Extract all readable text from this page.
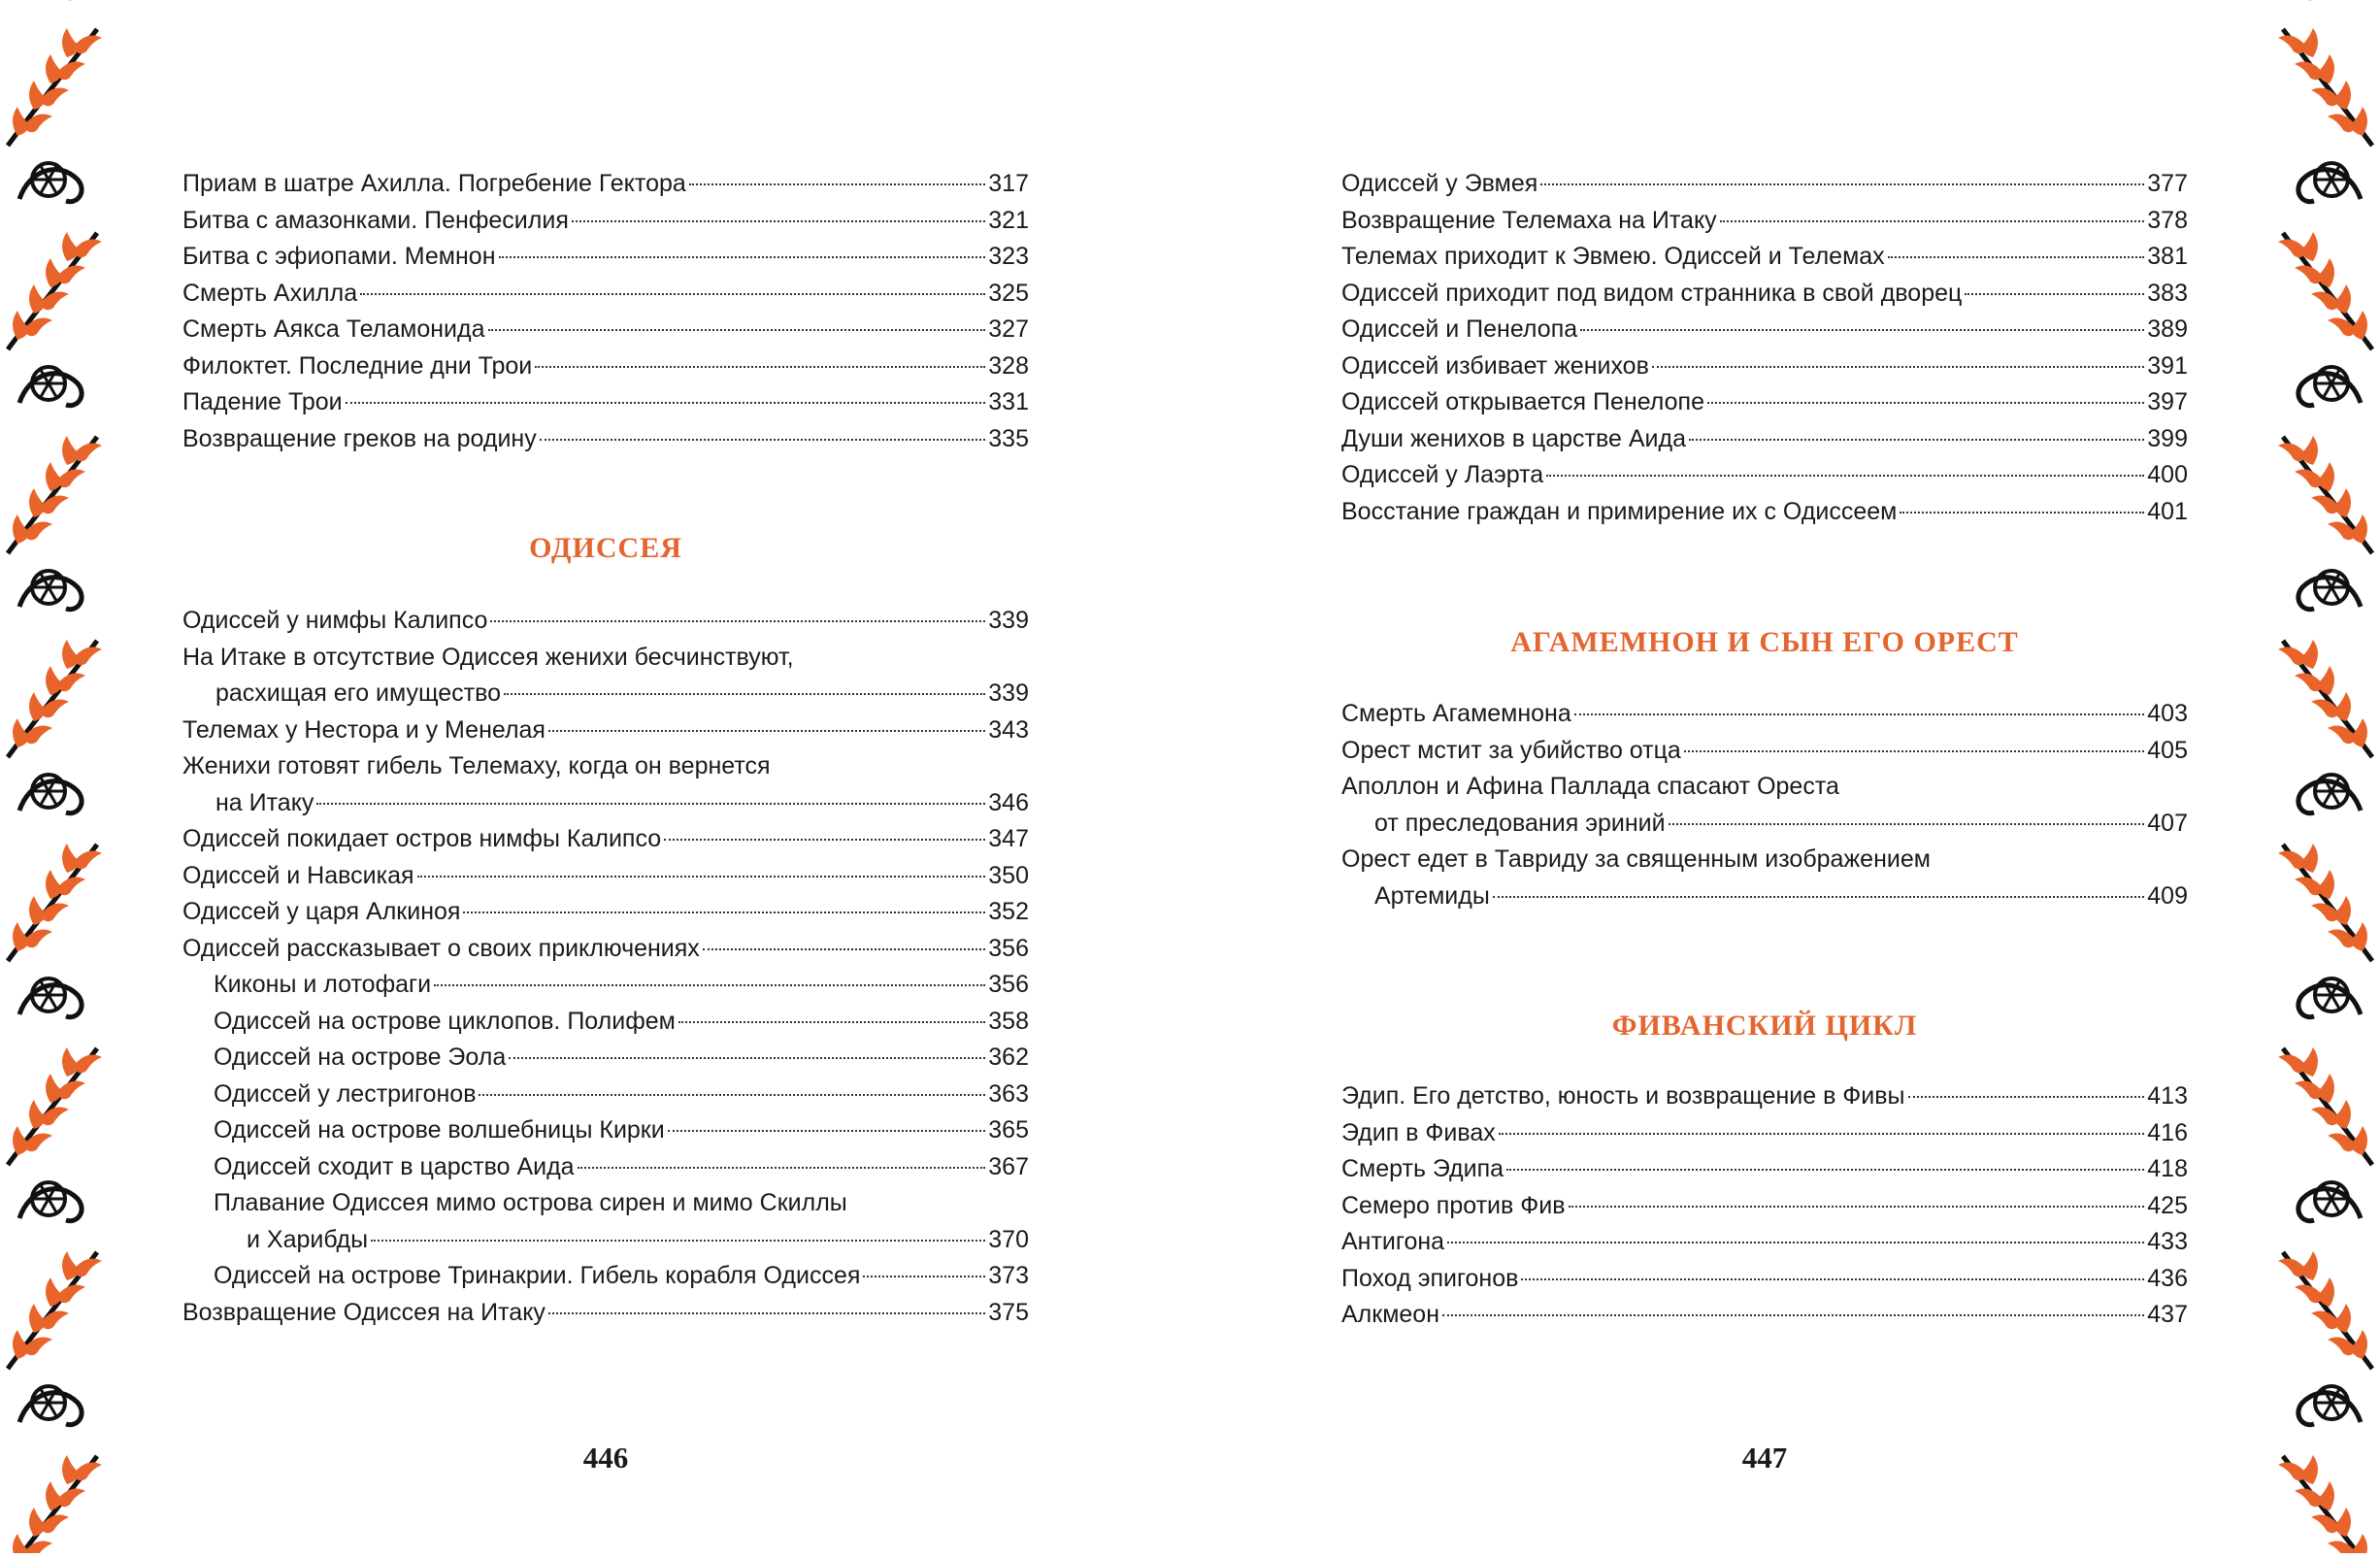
Приам в шатре Ахилла. Погребение Гектора	317
Битва с амазонками. Пенфесилия	321
Битва с эфиопами. Мемнон	323
Смерть Ахилла	325
Смерть Аякса Теламонида	327
Филоктет. Последние дни Трои	328
Падение Трои	331
Возвращение греков на родину	335
ОДИССЕЯ
Одиссей у нимфы Калипсо	339
На Итаке в отсутствие Одиссея женихи бесчинствуют,
расхищая его имущество	339
Телемах у Нестора и у Менелая	343
Женихи готовят гибель Телемаху, когда он вернется
на Итаку	346
Одиссей покидает остров нимфы Калипсо	347
Одиссей и Навсикая	350
Одиссей у царя Алкиноя	352
Одиссей рассказывает о своих приключениях	356
Киконы и лотофаги	356
Одиссей на острове циклопов. Полифем	358
Одиссей на острове Эола	362
Одиссей у лестригонов	363
Одиссей на острове волшебницы Кирки	365
Одиссей сходит в царство Аида	367
Плавание Одиссея мимо острова сирен и мимо Скиллы
и Харибды	370
Одиссей на острове Тринакрии. Гибель корабля Одиссея	373
Возвращение Одиссея на Итаку	375
446
Одиссей у Эвмея	377
Возвращение Телемаха на Итаку	378
Телемах приходит к Эвмею. Одиссей и Телемах	381
Одиссей приходит под видом странника в свой дворец	383
Одиссей и Пенелопа	389
Одиссей избивает женихов	391
Одиссей открывается Пенелопе	397
Души женихов в царстве Аида	399
Одиссей у Лаэрта	400
Восстание граждан и примирение их с Одиссеем	401
АГАМЕМНОН И СЫН ЕГО ОРЕСТ
Смерть Агамемнона	403
Орест мстит за убийство отца	405
Аполлон и Афина Паллада спасают Ореста
от преследования эриний	407
Орест едет в Тавриду за священным изображением
Артемиды	409
ФИВАНСКИЙ ЦИКЛ
Эдип. Его детство, юность и возвращение в Фивы	413
Эдип в Фивах	416
Смерть Эдипа	418
Семеро против Фив	425
Антигона	433
Поход эпигонов	436
Алкмеон	437
447
